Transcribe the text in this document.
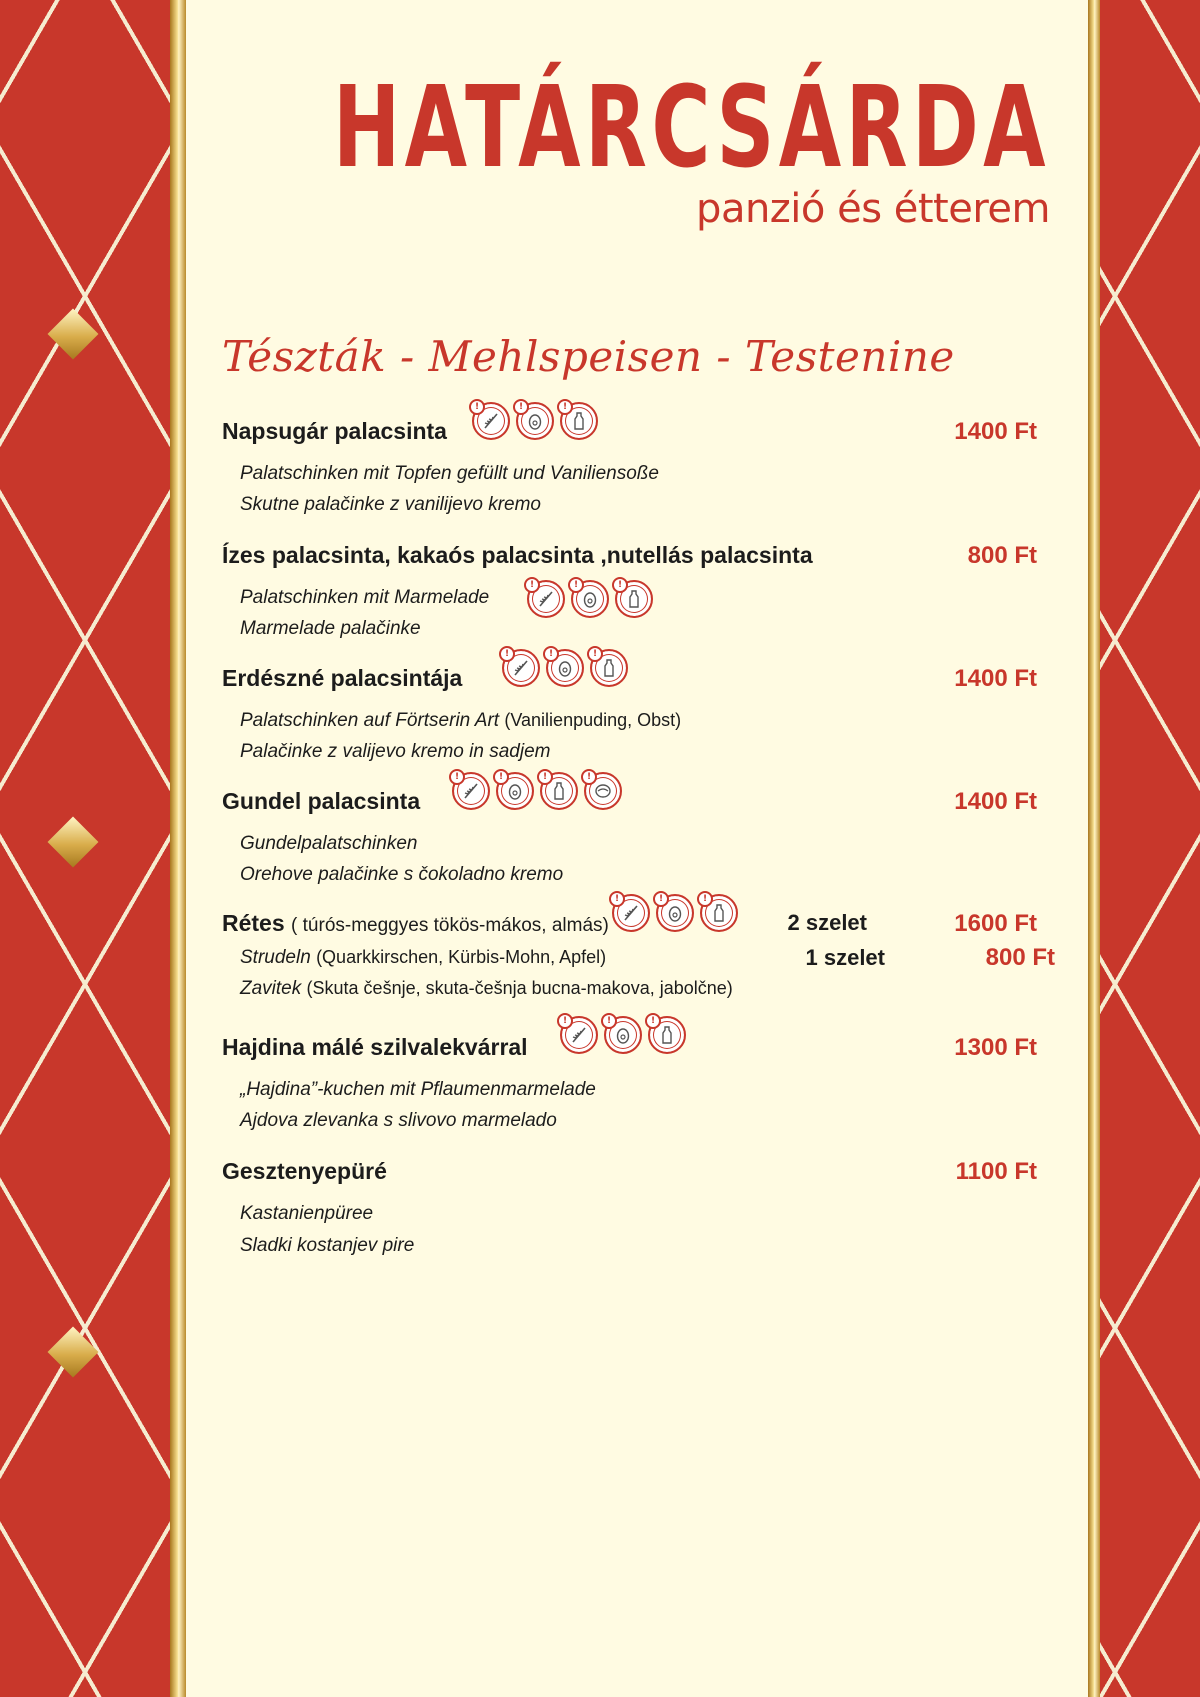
HATÁRCSÁRDA
panzió és étterem
Tészták - Mehlspeisen - Testenine
Napsugár palacsinta	1400 Ft
!
!
!
Palatschinken mit Topfen gefüllt und Vaniliensoße
Skutne palačinke z vanilijevo kremo
Ízes palacsinta, kakaós palacsinta ,nutellás palacsinta	800 Ft
Palatschinken mit Marmelade
Marmelade palačinke
!
!
!
Erdészné palacsintája	1400 Ft
!
!
!
Palatschinken auf Förtserin Art (Vanilienpuding, Obst)
Palačinke z valijevo kremo in sadjem
Gundel palacsinta	1400 Ft
!
!
!
!
Gundelpalatschinken
Orehove palačinke s čokoladno kremo
Rétes ( túrós-meggyes tökös-mákos, almás)	2 szelet	1600 Ft
!
!
!
Strudeln (Quarkkirschen, Kürbis-Mohn, Apfel)	1 szelet	800 Ft
Zavitek (Skuta češnje, skuta-češnja bucna-makova, jabolčne)
Hajdina málé szilvalekvárral	1300 Ft
!
!
!
„Hajdina”-kuchen mit Pflaumenmarmelade
Ajdova zlevanka s slivovo marmelado
Gesztenyepüré	1100 Ft
Kastanienpüree
Sladki kostanjev pire
